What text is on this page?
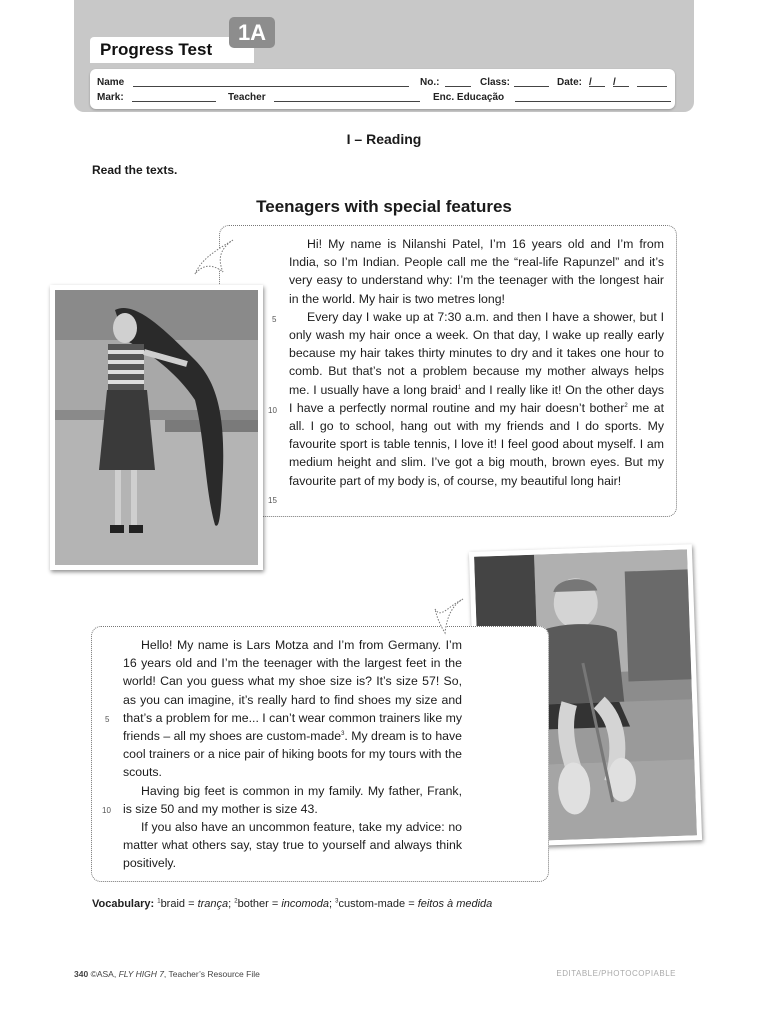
Progress Test
1A
Name	No.:	Class:	Date: / /
Mark:	Teacher	Enc. Educação
I – Reading
Read the texts.
Teenagers with special features

Hi! My name is Nilanshi Patel, I’m 16 years old and I’m from India, so I’m Indian. People call me the “real-life Rapunzel” and it’s very easy to understand why: I’m the teenager with the longest hair in the world. My hair is two metres long!

Every day I wake up at 7:30 a.m. and then I have a shower, but I only wash my hair once a week. On that day, I wake up really early because my hair takes thirty minutes to dry and it takes one hour to comb. But that’s not a problem because my mother always helps me. I usually have a long braid$^1$ and I really like it! On the other days I have a perfectly normal routine and my hair doesn’t bother$^2$ me at all. I go to school, hang out with my friends and I do sports. My favourite sport is table tennis, I love it! I feel good about myself. I am medium height and slim. I’ve got a big mouth, brown eyes. But my favourite part of my body is, of course, my beautiful long hair!

5
10
15

Hello! My name is Lars Motza and I’m from Germany. I’m 16 years old and I’m the teenager with the largest feet in the world! Can you guess what my shoe size is? It’s size 57! So, as you can imagine, it’s really hard to find shoes my size and that’s a problem for me... I can’t wear common trainers like my friends – all my shoes are custom-made$^3$. My dream is to have cool trainers or a nice pair of hiking boots for my tours with the scouts.

Having big feet is common in my family. My father, Frank, is size 50 and my mother is size 43.

If you also have an uncommon feature, take my advice: no matter what others say, stay true to yourself and always think positively.

5
10
Vocabulary: $^1$braid = trança; $^2$bother = incomoda; $^3$custom-made = feitos à medida
340 ©ASA, FLY HIGH 7, Teacher’s Resource File	EDITABLE/PHOTOCOPIABLE
